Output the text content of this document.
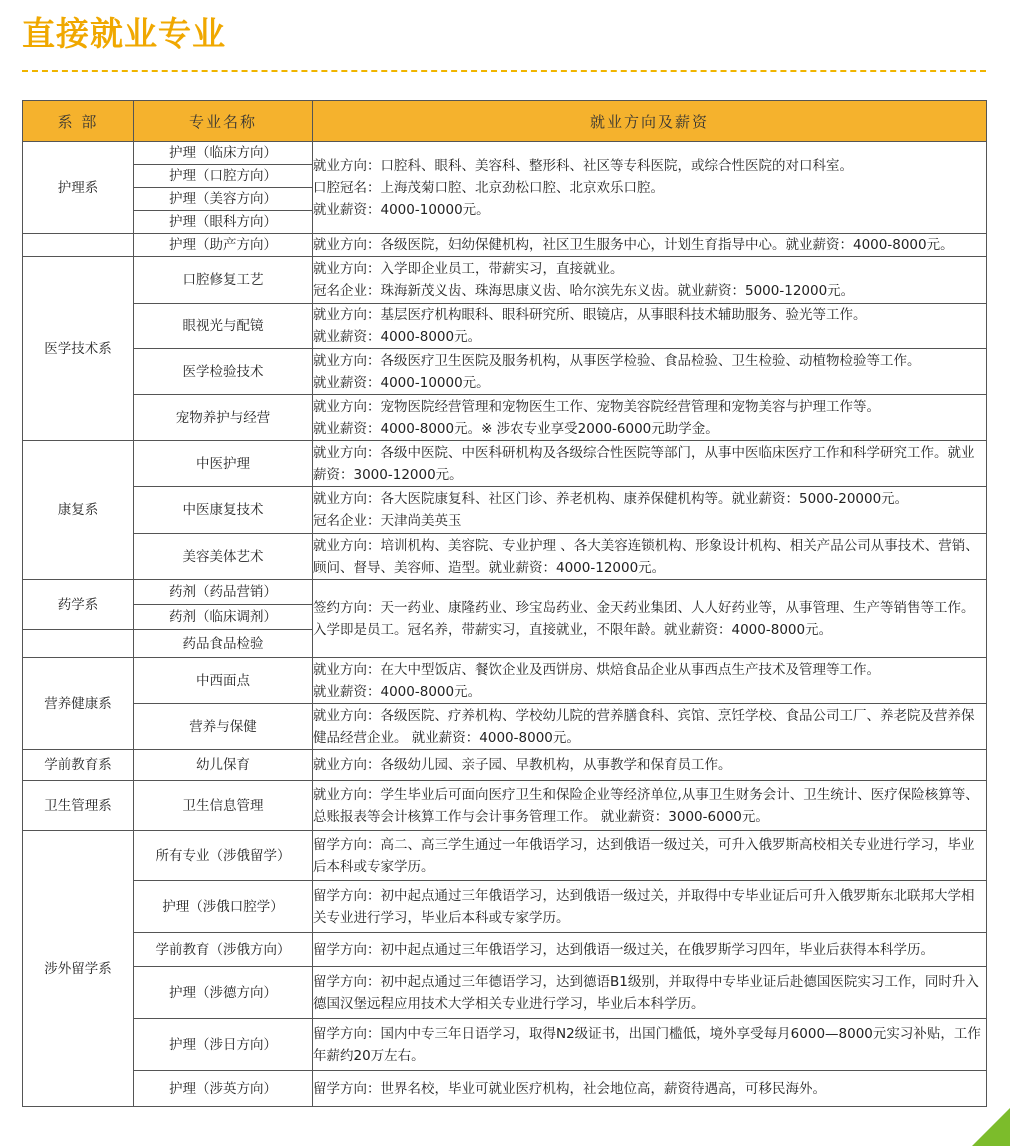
直接就业专业
系 部	专业名称	就业方向及薪资
护理系	护理（临床方向）	就业方向：口腔科、眼科、美容科、整形科、社区等专科医院，或综合性医院的对口科室。
口腔冠名：上海茂菊口腔、北京劲松口腔、北京欢乐口腔。
就业薪资：4000-10000元。
	护理（口腔方向）	
	护理（美容方向）	
	护理（眼科方向）	
	护理（助产方向）	就业方向：各级医院，妇幼保健机构，社区卫生服务中心，计划生育指导中心。就业薪资：4000-8000元。
医学技术系	口腔修复工艺	就业方向：入学即企业员工，带薪实习，直接就业。
冠名企业：珠海新茂义齿、珠海思康义齿、哈尔滨先东义齿。就业薪资：5000-12000元。
	眼视光与配镜	就业方向：基层医疗机构眼科、眼科研究所、眼镜店，从事眼科技术辅助服务、验光等工作。
就业薪资：4000-8000元。
	医学检验技术	就业方向：各级医疗卫生医院及服务机构，从事医学检验、食品检验、卫生检验、动植物检验等工作。
就业薪资：4000-10000元。
	宠物养护与经营	就业方向：宠物医院经营管理和宠物医生工作、宠物美容院经营管理和宠物美容与护理工作等。
就业薪资：4000-8000元。※ 涉农专业享受2000-6000元助学金。
康复系	中医护理	就业方向：各级中医院、中医科研机构及各级综合性医院等部门，从事中医临床医疗工作和科学研究工作。就业薪资：3000-12000元。
	中医康复技术	就业方向：各大医院康复科、社区门诊、养老机构、康养保健机构等。就业薪资：5000-20000元。
冠名企业：天津尚美英玉
	美容美体艺术	就业方向：培训机构、美容院、专业护理 、各大美容连锁机构、形象设计机构、相关产品公司从事技术、营销、顾问、督导、美容师、造型。就业薪资：4000-12000元。
药学系	药剂（药品营销）	签约方向：天一药业、康隆药业、珍宝岛药业、金天药业集团、人人好药业等，从事管理、生产等销售等工作。入学即是员工。冠名养，带薪实习，直接就业，不限年龄。就业薪资：4000-8000元。
	药剂（临床调剂）	
	药品食品检验	
营养健康系	中西面点	就业方向：在大中型饭店、餐饮企业及西饼房、烘焙食品企业从事西点生产技术及管理等工作。
就业薪资：4000-8000元。
	营养与保健	就业方向：各级医院、疗养机构、学校幼儿院的营养膳食科、宾馆、烹饪学校、食品公司工厂、养老院及营养保健品经营企业。 就业薪资：4000-8000元。
学前教育系	幼儿保育	就业方向：各级幼儿园、亲子园、早教机构，从事教学和保育员工作。
卫生管理系	卫生信息管理	就业方向：学生毕业后可面向医疗卫生和保险企业等经济单位,从事卫生财务会计、卫生统计、医疗保险核算等、总账报表等会计核算工作与会计事务管理工作。 就业薪资：3000-6000元。
涉外留学系	所有专业（涉俄留学）	留学方向：高二、高三学生通过一年俄语学习，达到俄语一级过关，可升入俄罗斯高校相关专业进行学习，毕业后本科或专家学历。
	护理（涉俄口腔学）	留学方向：初中起点通过三年俄语学习，达到俄语一级过关，并取得中专毕业证后可升入俄罗斯东北联邦大学相关专业进行学习，毕业后本科或专家学历。
	学前教育（涉俄方向）	留学方向：初中起点通过三年俄语学习，达到俄语一级过关，在俄罗斯学习四年，毕业后获得本科学历。
	护理（涉德方向）	留学方向：初中起点通过三年德语学习，达到德语B1级别，并取得中专毕业证后赴德国医院实习工作，同时升入德国汉堡远程应用技术大学相关专业进行学习，毕业后本科学历。
	护理（涉日方向）	留学方向：国内中专三年日语学习，取得N2级证书，出国门槛低，境外享受每月6000—8000元实习补贴，工作年薪约20万左右。
	护理（涉英方向）	留学方向：世界名校，毕业可就业医疗机构，社会地位高，薪资待遇高，可移民海外。
